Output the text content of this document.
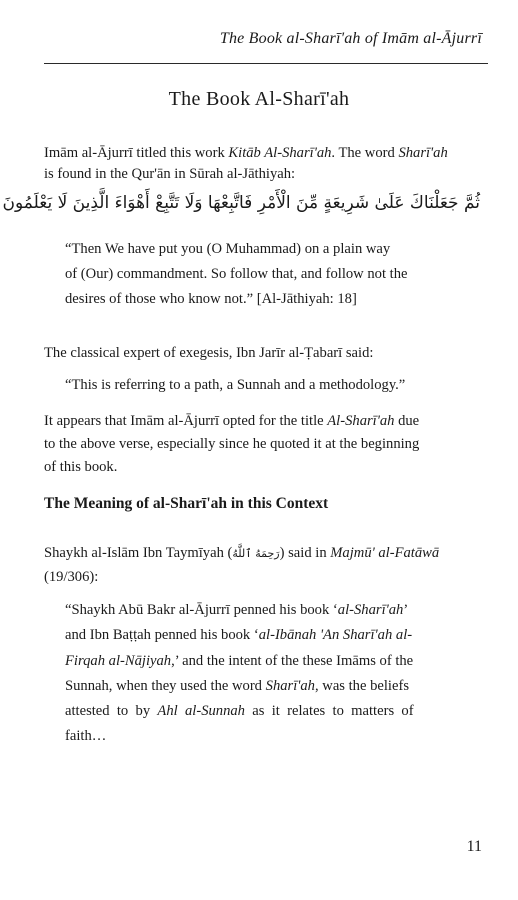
The Book al-Sharī'ah of Imām al-Ājurrī
The Book Al-Sharī'ah
Imām al-Ājurrī titled this work Kitāb Al-Sharī'ah. The word Sharī'ah
is found in the Qur'ān in Sūrah al-Jāthiyah:
ثُمَّ جَعَلْنَاكَ عَلَىٰ شَرِيعَةٍ مِّنَ الْأَمْرِ فَاتَّبِعْهَا وَلَا تَتَّبِعْ أَهْوَاءَ الَّذِينَ لَا يَعْلَمُونَ
“Then We have put you (O Muhammad) on a plain way
of (Our) commandment. So follow that, and follow not the
desires of those who know not.” [Al-Jāthiyah: 18]
The classical expert of exegesis, Ibn Jarīr al-Ṭabarī said:
“This is referring to a path, a Sunnah and a methodology.”
It appears that Imām al-Ājurrī opted for the title Al-Sharī'ah due
to the above verse, especially since he quoted it at the beginning
of this book.
The Meaning of al-Sharī'ah in this Context
Shaykh al-Islām Ibn Taymīyah (رَحِمَهُ ٱللَّهُ) said in Majmū' al-Fatāwā
(19/306):
“Shaykh Abū Bakr al-Ājurrī penned his book ‘al-Sharī'ah’
and Ibn Baṭṭah penned his book ‘al-Ibānah 'An Sharī'ah al-
Firqah al-Nājiyah,’ and the intent of the these Imāms of the
Sunnah, when they used the word Sharī'ah, was the beliefs
attested  to  by  Ahl  al-Sunnah  as  it  relates  to  matters  of
faith…
11
